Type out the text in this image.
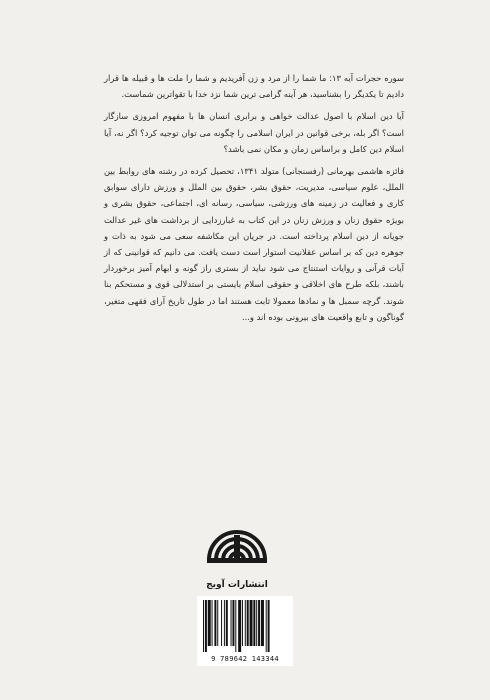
سوره حجرات آیه ۱۳: ما شما را از مرد و زن آفریدیم و شما را ملت ها و قبیله ها قرار دادیم تا یکدیگر را بشناسید، هر آینه گرامی ترین شما نزد خدا با تقواترین شماست.

آیا دین اسلام با اصول عدالت خواهی و برابری انسان ها با مفهوم امروزی سازگار است؟ اگر بله، برخی قوانین در ایران اسلامی را چگونه می توان توجیه کرد؟ اگر نه، آیا اسلام دین کامل و براساس زمان و مکان نمی باشد؟

فائزه هاشمی بهرمانی (رفسنجانی) متولد ۱۳۴۱، تحصیل کرده در رشته های روابط بین الملل، علوم سیاسی، مدیریت، حقوق بشر، حقوق بین الملل و ورزش دارای سوابق کاری و فعالیت در زمینه های ورزشی، سیاسی، رسانه ای، اجتماعی، حقوق بشری و بویژه حقوق زنان و ورزش زنان در این کتاب به غبارزدایی از برداشت های غیر عدالت جویانه از دین اسلام پرداخته است. در جریان این مکاشفه سعی می شود به ذات و جوهره دین که بر اساس عقلانیت استوار است دست یافت. می دانیم که قوانینی که از آیات قرآنی و روایات استنتاج می شود نباید از بستری راز گونه و ابهام آمیز برخوردار باشند، بلکه طرح های اخلاقی و حقوقی اسلام بایستی بر استدلالی قوی و مستحکم بنا شوند. گرچه سمبل ها و نمادها معمولا ثابت هستند اما در طول تاریخ آرای فقهی متغیر، گوناگون و تابع واقعیت های بیرونی بوده اند و...

انتشارات آویج
9 789642 143344
